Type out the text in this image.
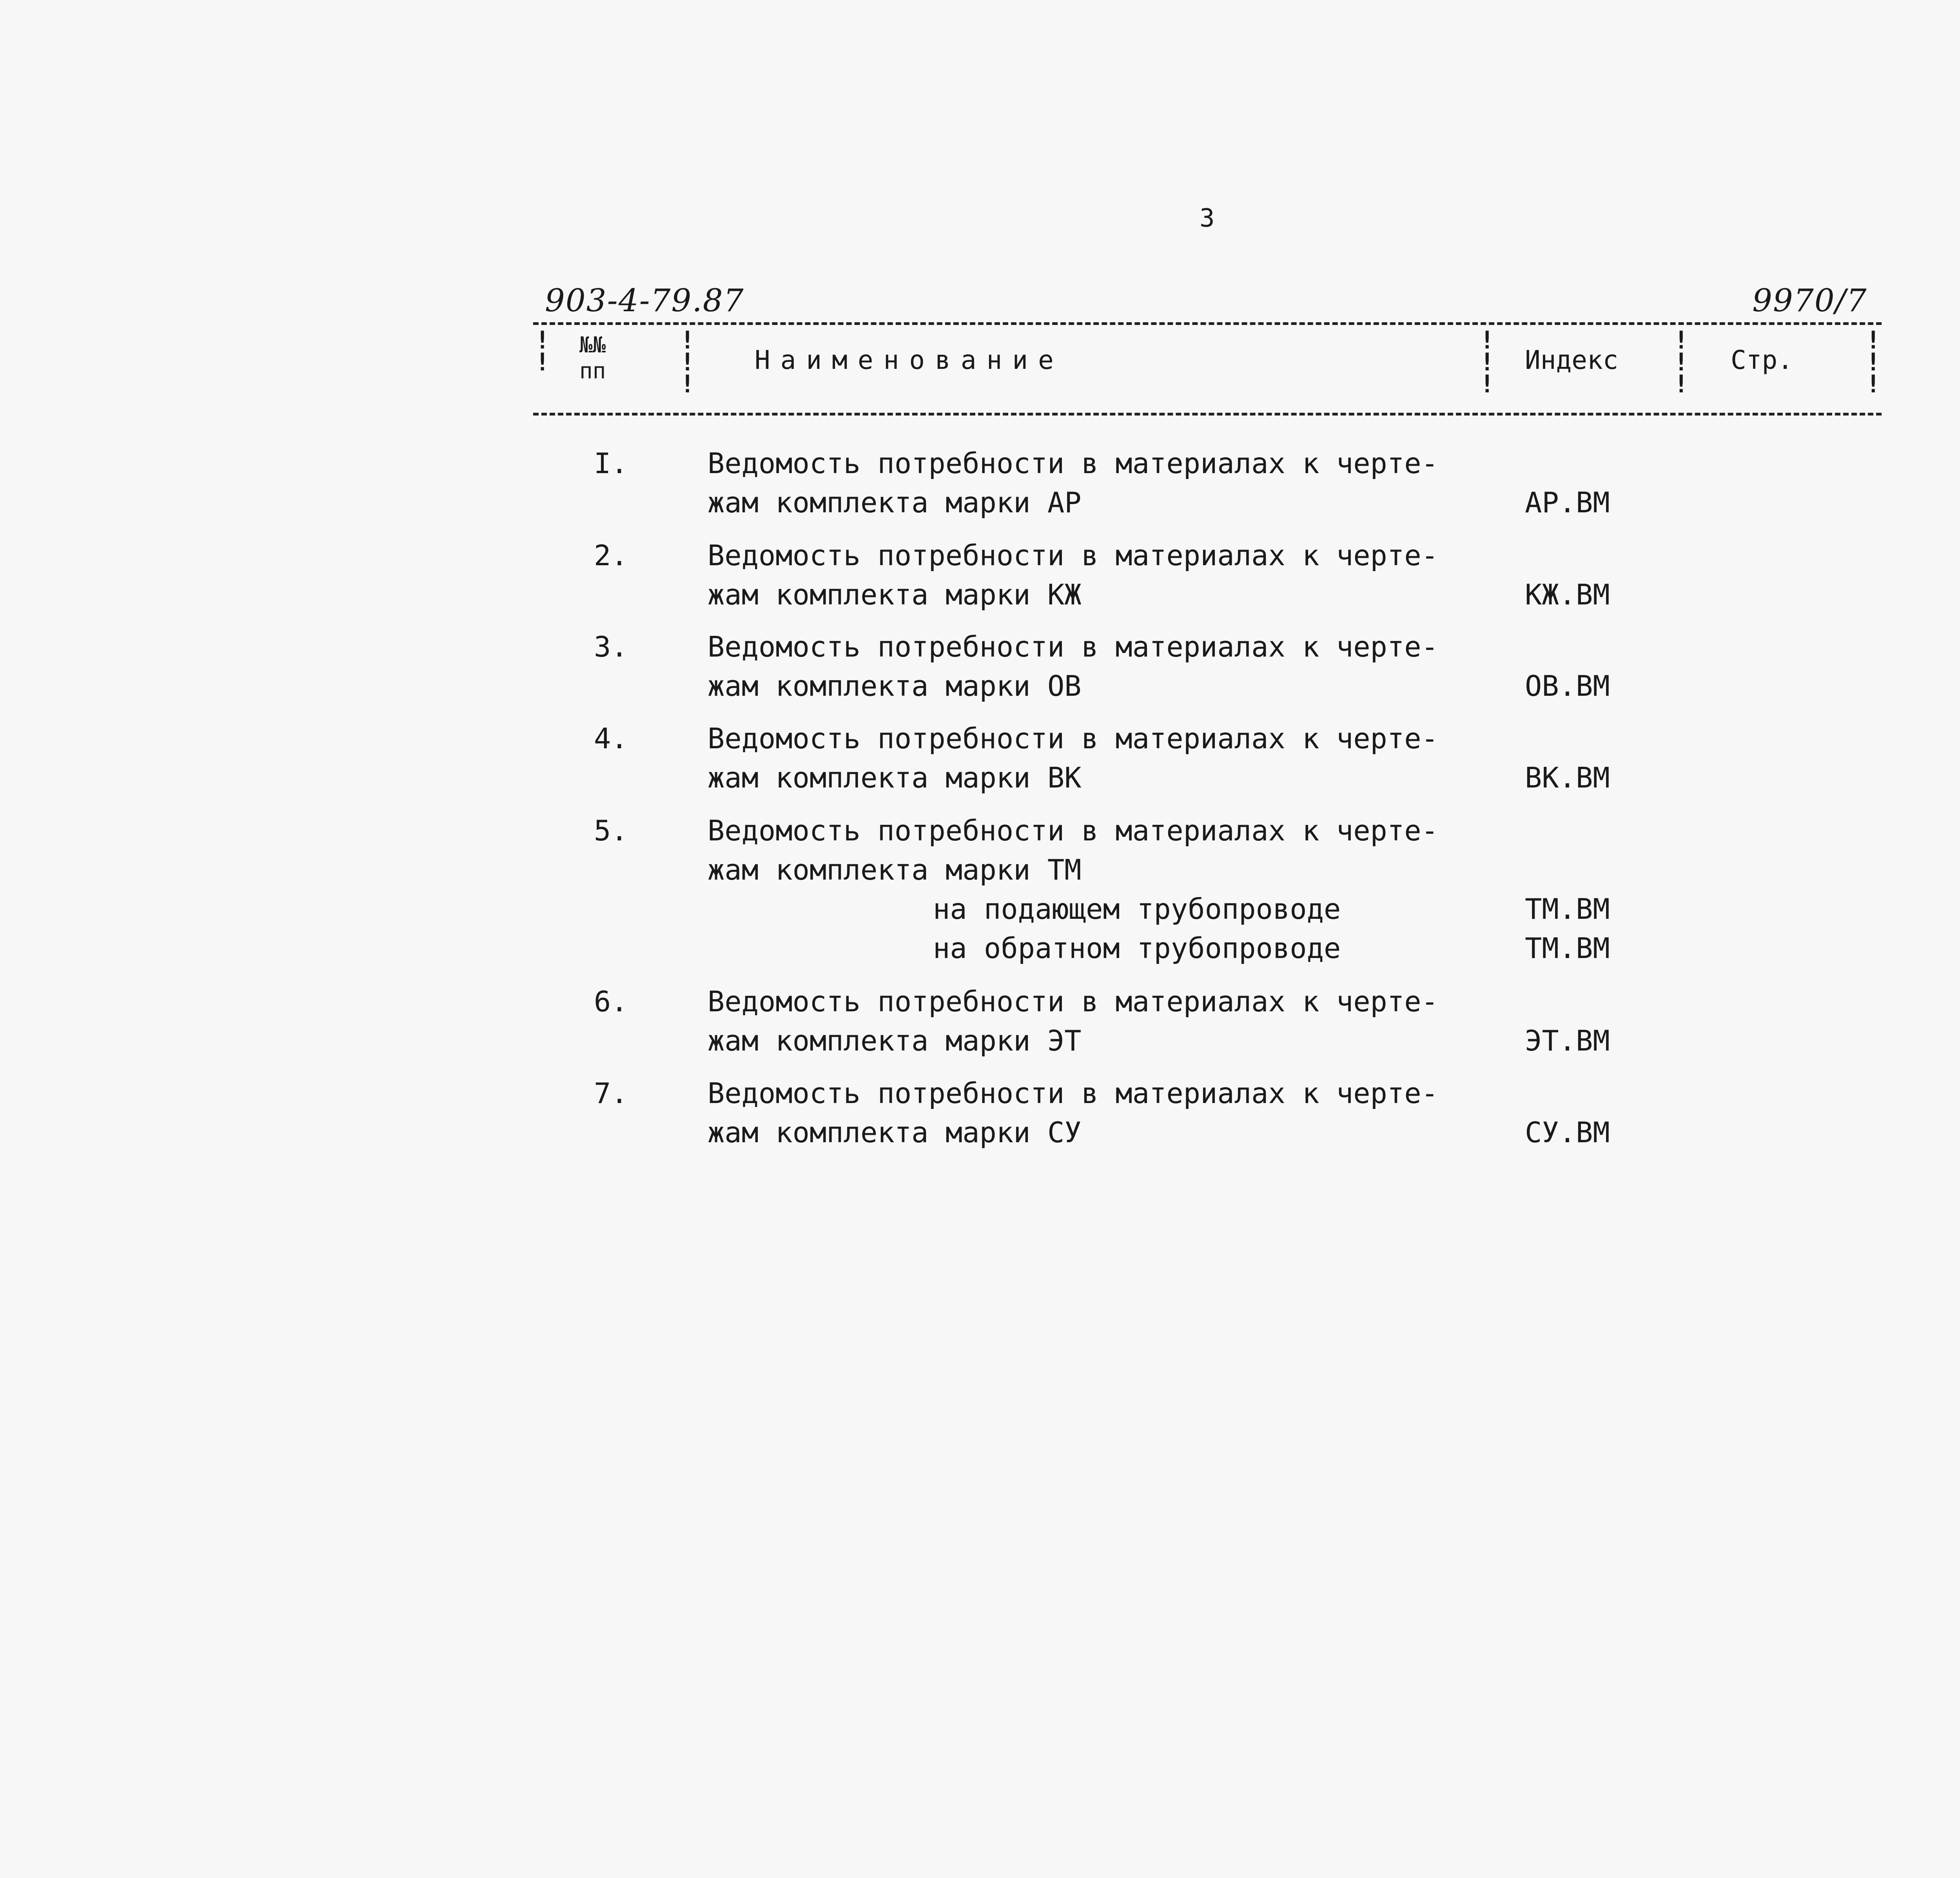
3
903-4-79.87	9970/7
!
!
!
!
!
!
!
!
!
!
!
!
!
!
№№
пп	Наименование	Индекс	Стр.
I.	Ведомость потребности в материалах к черте-
жам комплекта марки АР	АР.ВМ
2.	Ведомость потребности в материалах к черте-
жам комплекта марки КЖ	КЖ.ВМ
3.	Ведомость потребности в материалах к черте-
жам комплекта марки ОВ	ОВ.ВМ
4.	Ведомость потребности в материалах к черте-
жам комплекта марки ВК	ВК.ВМ
5.	Ведомость потребности в материалах к черте-
жам комплекта марки ТМ
на подающем трубопроводе	ТМ.ВМ
на обратном трубопроводе	ТМ.ВМ
6.	Ведомость потребности в материалах к черте-
жам комплекта марки ЭТ	ЭТ.ВМ
7.	Ведомость потребности в материалах к черте-
жам комплекта марки СУ	СУ.ВМ
